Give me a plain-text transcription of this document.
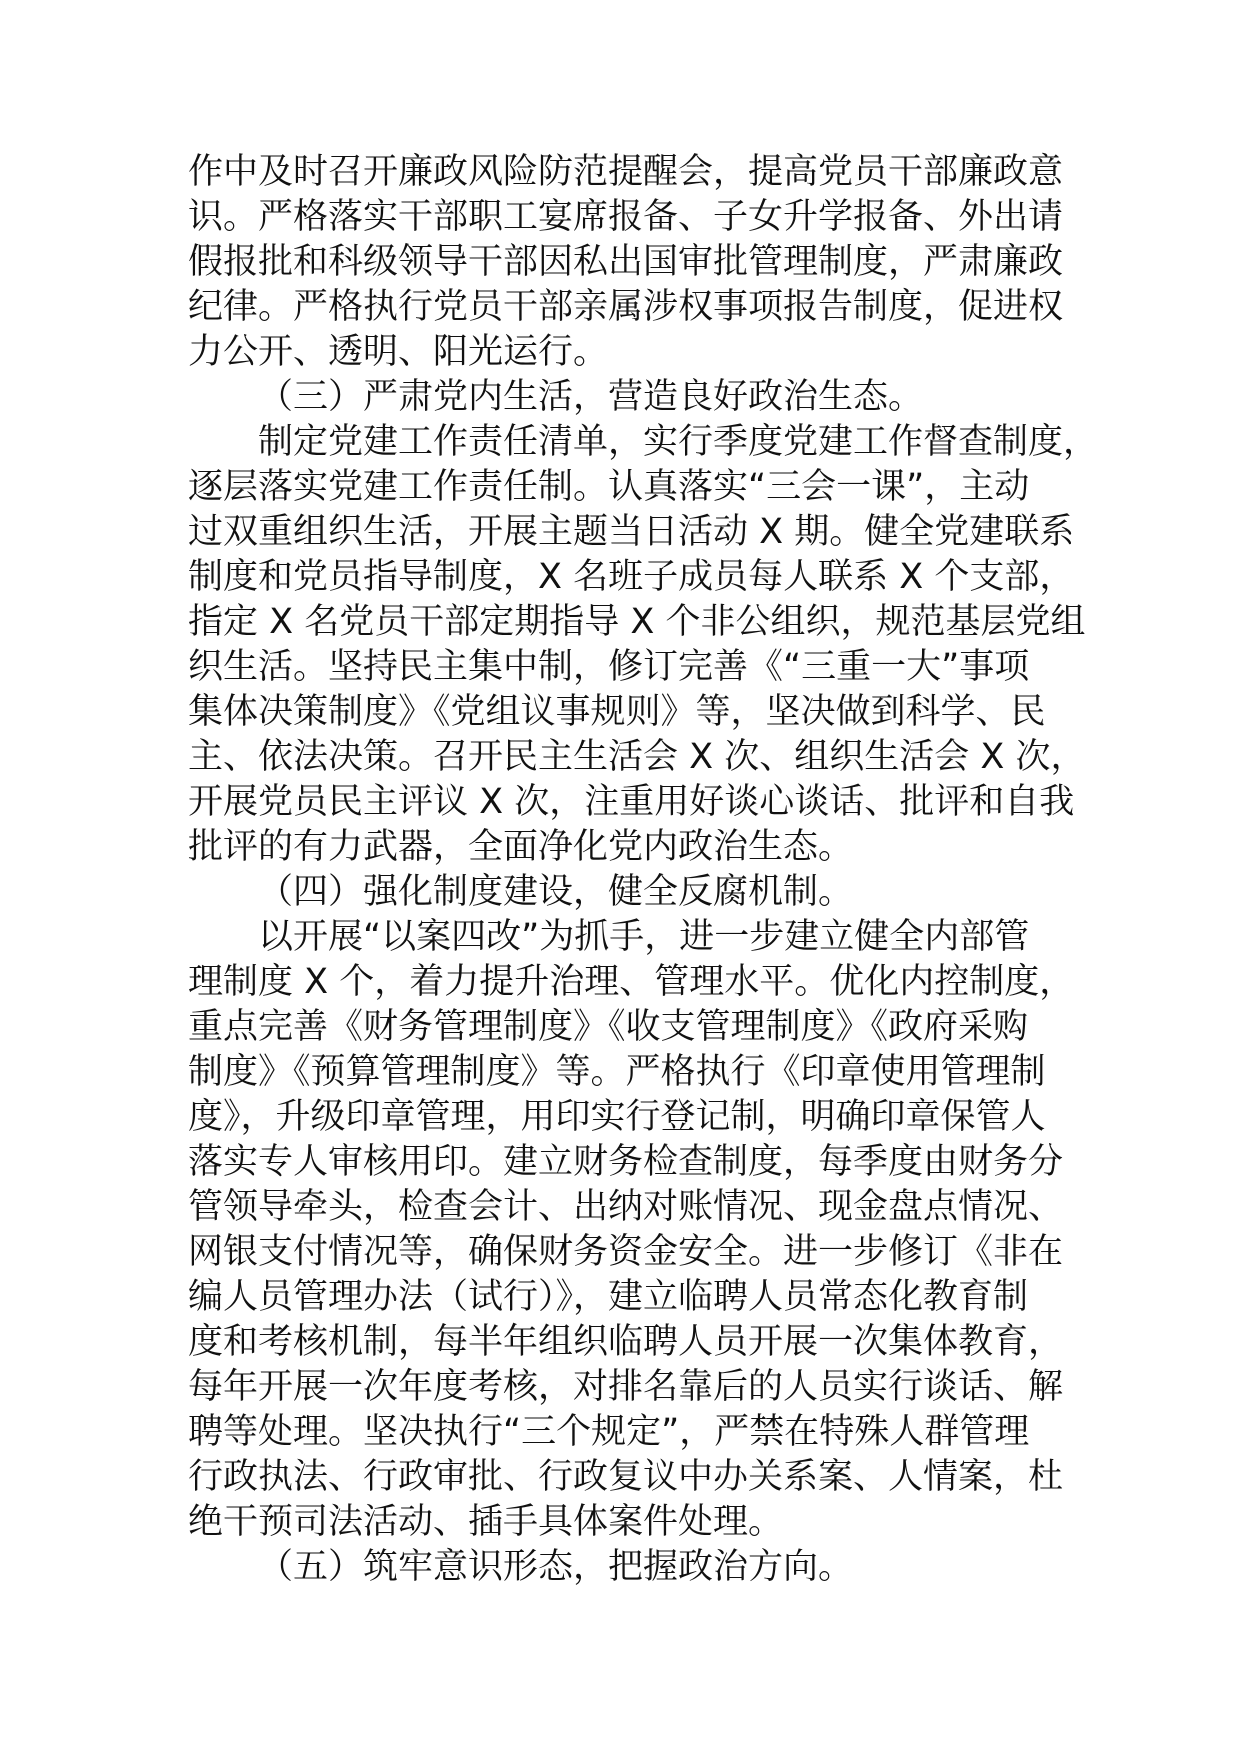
作中及时召开廉政风险防范提醒会，提高党员干部廉政意
识。严格落实干部职工宴席报备、子女升学报备、外出请
假报批和科级领导干部因私出国审批管理制度，严肃廉政
纪律。严格执行党员干部亲属涉权事项报告制度，促进权
力公开、透明、阳光运行。
（三）严肃党内生活，营造良好政治生态。
制定党建工作责任清单，实行季度党建工作督查制度，
逐层落实党建工作责任制。认真落实“三会一课”，主动
过双重组织生活，开展主题当日活动 X 期。健全党建联系
制度和党员指导制度，X 名班子成员每人联系 X 个支部，
指定 X 名党员干部定期指导 X 个非公组织，规范基层党组
织生活。坚持民主集中制，修订完善《“三重一大”事项
集体决策制度》《党组议事规则》等，坚决做到科学、民
主、依法决策。召开民主生活会 X 次、组织生活会 X 次，
开展党员民主评议 X 次，注重用好谈心谈话、批评和自我
批评的有力武器，全面净化党内政治生态。
（四）强化制度建设，健全反腐机制。
以开展“以案四改”为抓手，进一步建立健全内部管
理制度 X 个，着力提升治理、管理水平。优化内控制度，
重点完善《财务管理制度》《收支管理制度》《政府采购
制度》《预算管理制度》等。严格执行《印章使用管理制
度》，升级印章管理，用印实行登记制，明确印章保管人
落实专人审核用印。建立财务检查制度，每季度由财务分
管领导牵头，检查会计、出纳对账情况、现金盘点情况、
网银支付情况等，确保财务资金安全。进一步修订《非在
编人员管理办法（试行）》，建立临聘人员常态化教育制
度和考核机制，每半年组织临聘人员开展一次集体教育，
每年开展一次年度考核，对排名靠后的人员实行谈话、解
聘等处理。坚决执行“三个规定”，严禁在特殊人群管理
行政执法、行政审批、行政复议中办关系案、人情案，杜
绝干预司法活动、插手具体案件处理。
（五）筑牢意识形态，把握政治方向。
